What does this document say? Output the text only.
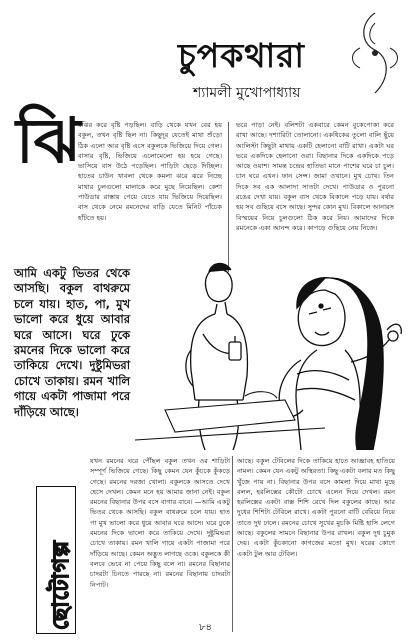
চুপকথারা
শ্যামলী মুখোপাধ্যায়
ঝি

রঝির করে বৃষ্টি পড়ছিল। বাড়ি থেকে যখন বের হয় বকুল, তখন বৃষ্টি ছিল না। কিছুদূর যেতেই মাথা শুঁড়ো ঠিক এলো আর বৃষ্টি এসে বকুলকে ভিজিয়ে দিয়ে গেল। বাসার বৃষ্টি, ভিজিয়ে এলোমেলো হয় হয়ে গেছে। ভাসিয়ে বাস উঠে পড়েছিল। পাড়িটা ছেড়ে দিচ্ছিল। হাতের চাউন খাবলা থেকে কমলা ঝরে ঝরে নিচ্ছে মাথার চুলগুলো মালাকে করে মুছে নিয়েছিল। কেশা পাউডার রাস্তায় পেয়ে যেতে যায় ভিজিয়ে দিয়েছিল। বাস থেকে নেমে রমনেদের বাড়ি যেতে মিনিট পাঁচেক হাঁটতে হয়।

ভরে পাড়া নেই। বলিশটা একবারে কেমন বুকেপোকা করে রাখা আছে। দশ্যারিটা তোলানো। একধিকের তুলো বালি ছুঁয়ে আলিস্টা কিছুটা মাথায় একটি হেলানো বাটি রাখা। একটা ঘর ভরে একদিকে হেলানো ওরা। বিছানার দিকে একদিকে পড়ে আছে ওয়াশ। সামন্ত চন্দ্রের হাতিভা মানে পাশের ঘরে চা চুল। চান ঘরে এখন। ফান সেন্স। জামা ওখানে। মুখ চোখ। তিন দিকে সব এক আলাদা সাতটা দেখে। পাউডার ও পুরনো রঙের দেখা যায়। বকুল বাস থেকে বিকালে পড়ে যায়। বর্ষার হয় সব গুছিয়ে বসে আছে। সুন্দর কোন মুখ। বিকালে আনারস বিস্ময়ের নিয়ে চুলগুলো ঠিক করে নিয়। আমাদের দিকে রমনেকে একা আনন্দ করে। কাপড়ে গুছিয়ে নেয় নিজে।

আমি একটু ভিতর থেকে আসছি। বকুল বাথরুমে চলে যায়। হাত, পা, মুখ ভালো করে ধুয়ে আবার ঘরে আসে। ঘরে ঢুকে রমনের দিকে ভালো করে তাকিয়ে দেখে। দুষ্টুমিভরা চোখে তাকায়। রমন খালি গায়ে একটা পাজামা পরে দাঁড়িয়ে আছে।
ছোটোগল্প

যখন রমনের ঘরে পৌঁছল বকুল তখন ওর শাড়িটা সম্পূর্ণ ভিজিয়ে গেছে। কিছু কেমন যেন কুঁচকে কুঁকড়ে গেছে। রমনের দরজা খোলা। বকুলকে আসতে দেখে হেসে দেখল। কেমন মনে হয় আমার জানা নেই। বকুল রমনের বিছানার উপর বসে বাগার বাবে। —আমি একটু ভিতর থেকে আসছি। বকুল বাথরুমে চলে যায়। হাত পা মুখ ভালো করে ধুয়ে আবার ঘরে আসে। ঘরে ঢুকে রমনের দিকে ভালো করে তাকিয়ে দেখে। দুষ্টুমিভরা চোখে তাকায়। রমন খালি গায়ে একটা পাজামা পরে দাঁড়িয়ে আছে। কেমন অদ্ভুত লাগছে ওকে। বকুলকে কী বলবে ভেবে না পেয়ে কিছু বলে না। রমনের বিছানার চাদরটা চিনতে পারছে না। রমনের বিছানায় চাদরটা নিপাট।

আছে। বকুল টেবিলের দিকে তাকিয়ে হাতে আজ্ঞাবহ হাতিয়ে নামল। কেমন যেন একটু অস্থিরতা। কিছু একটা বলার মত কিছু খুঁজে পায় না। বিছানার উপর বসে কামলা দিয়ে মাথা মুছে বলল, হরলিক্সের কৌটো চোখে এলেন দিয়ে দেখল। রমন হরলিক্সের একটা বাক্স শিশি রেখে দিল বকুলের কাছে। আর দুধের শিশিটা টেবিলে রাখে। একটা পুরনো বাটি বেরিয়ে নিয়ে তাতে দুধ ঢালে। রমনের চোখে সুখের মুচকি মিষ্টি হাসি লেগে আছে। বকুলের সামনে বিছানার উপর রাখল। বকুল দুধ চুমুক দেয়। একটা কুঁচকানো কাগজের মতো মুখ। ঘরের কোণে একটা টুল আর টেবিল।

৮৪
